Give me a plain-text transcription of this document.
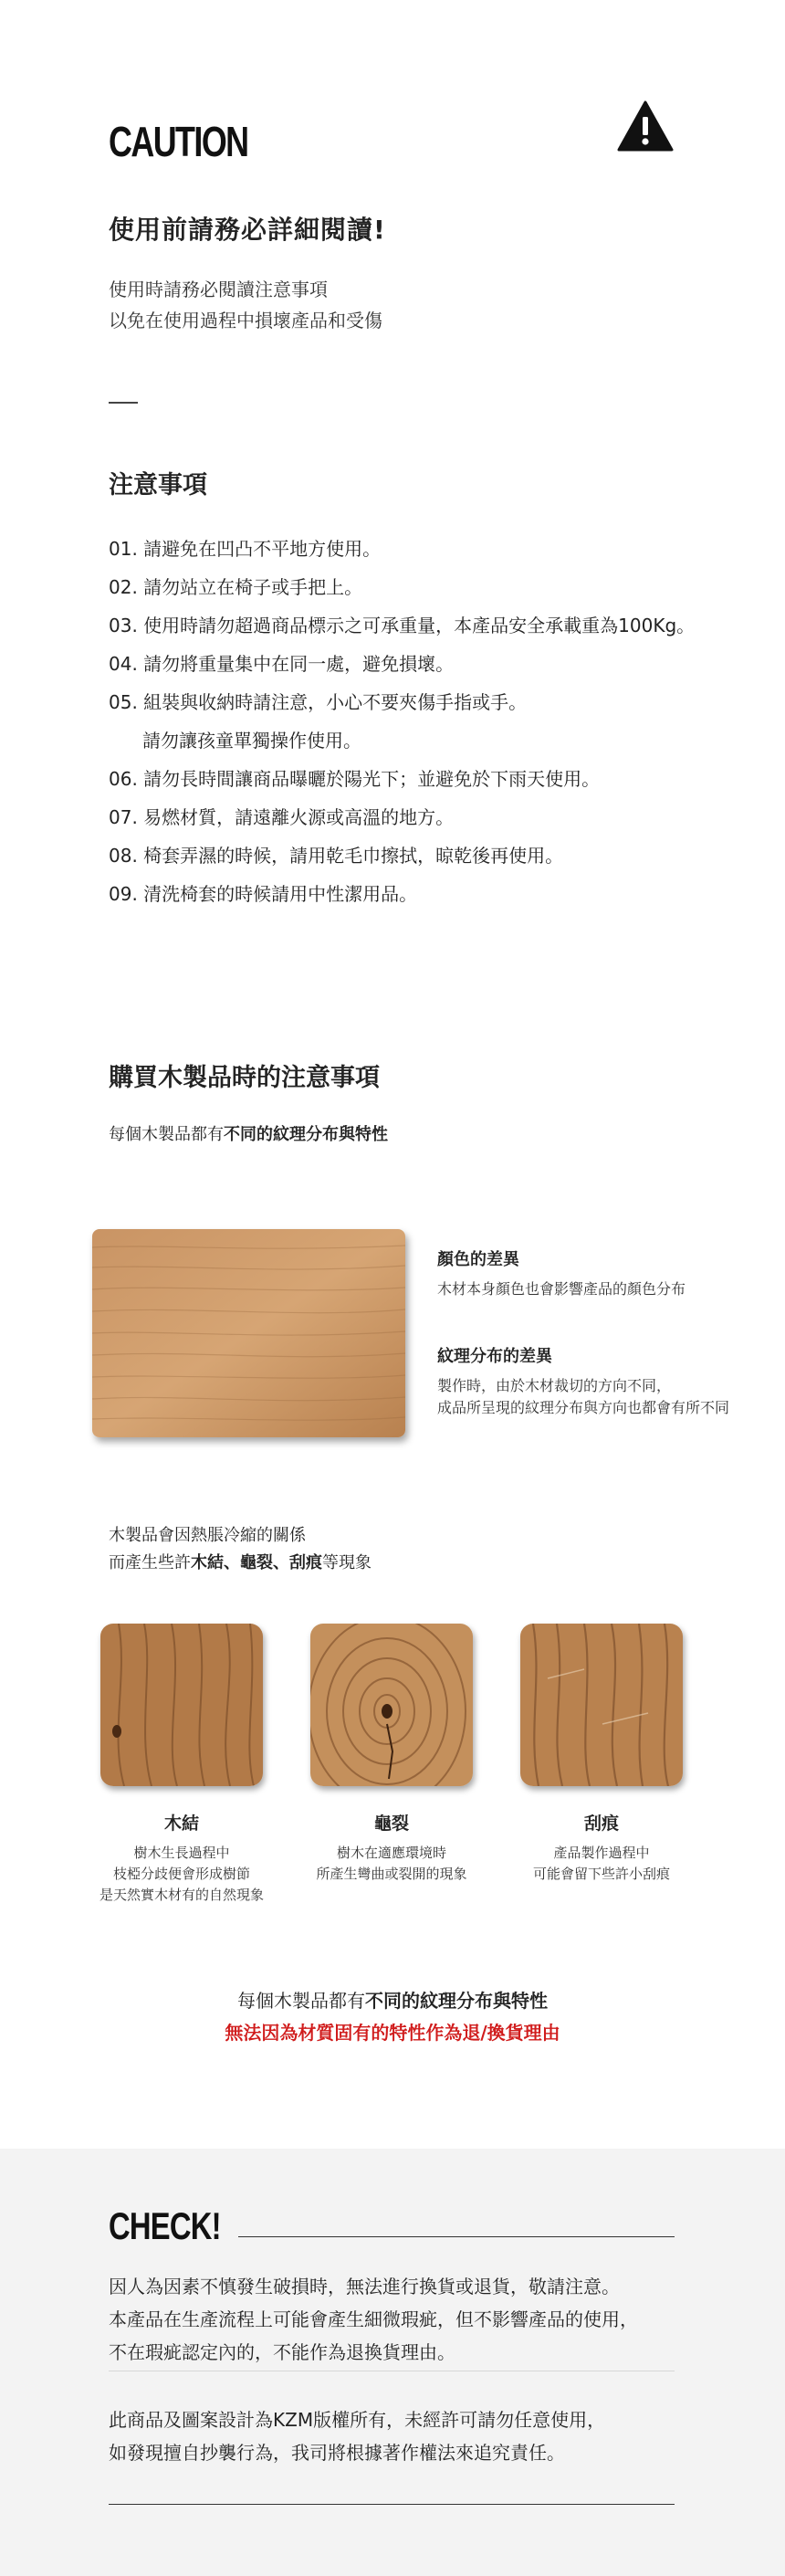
CAUTION
使用前請務必詳細閱讀!
使用時請務必閱讀注意事項
以免在使用過程中損壞產品和受傷
注意事項
01. 請避免在凹凸不平地方使用。
02. 請勿站立在椅子或手把上。
03. 使用時請勿超過商品標示之可承重量，本產品安全承載重為100Kg。
04. 請勿將重量集中在同一處，避免損壞。
05. 組裝與收納時請注意，小心不要夾傷手指或手。
請勿讓孩童單獨操作使用。
06. 請勿長時間讓商品曝曬於陽光下；並避免於下雨天使用。
07. 易燃材質，請遠離火源或高溫的地方。
08. 椅套弄濕的時候，請用乾毛巾擦拭，晾乾後再使用。
09. 清洗椅套的時候請用中性潔用品。
購買木製品時的注意事項
每個木製品都有不同的紋理分布與特性
顏色的差異
木材本身顏色也會影響產品的顏色分布
紋理分布的差異
製作時，由於木材裁切的方向不同，
成品所呈現的紋理分布與方向也都會有所不同
木製品會因熱脹冷縮的關係
而產生些許木結、龜裂、刮痕等現象
木結	龜裂	刮痕
樹木生長過程中
枝椏分歧便會形成樹節
是天然實木材有的自然現象
樹木在適應環境時
所產生彎曲或裂開的現象
產品製作過程中
可能會留下些許小刮痕
每個木製品都有不同的紋理分布與特性
無法因為材質固有的特性作為退/換貨理由
CHECK!
因人為因素不慎發生破損時，無法進行換貨或退貨，敬請注意。
本產品在生產流程上可能會產生細微瑕疵，但不影響產品的使用，
不在瑕疵認定內的，不能作為退換貨理由。
此商品及圖案設計為KZM版權所有，未經許可請勿任意使用，
如發現擅自抄襲行為，我司將根據著作權法來追究責任。
